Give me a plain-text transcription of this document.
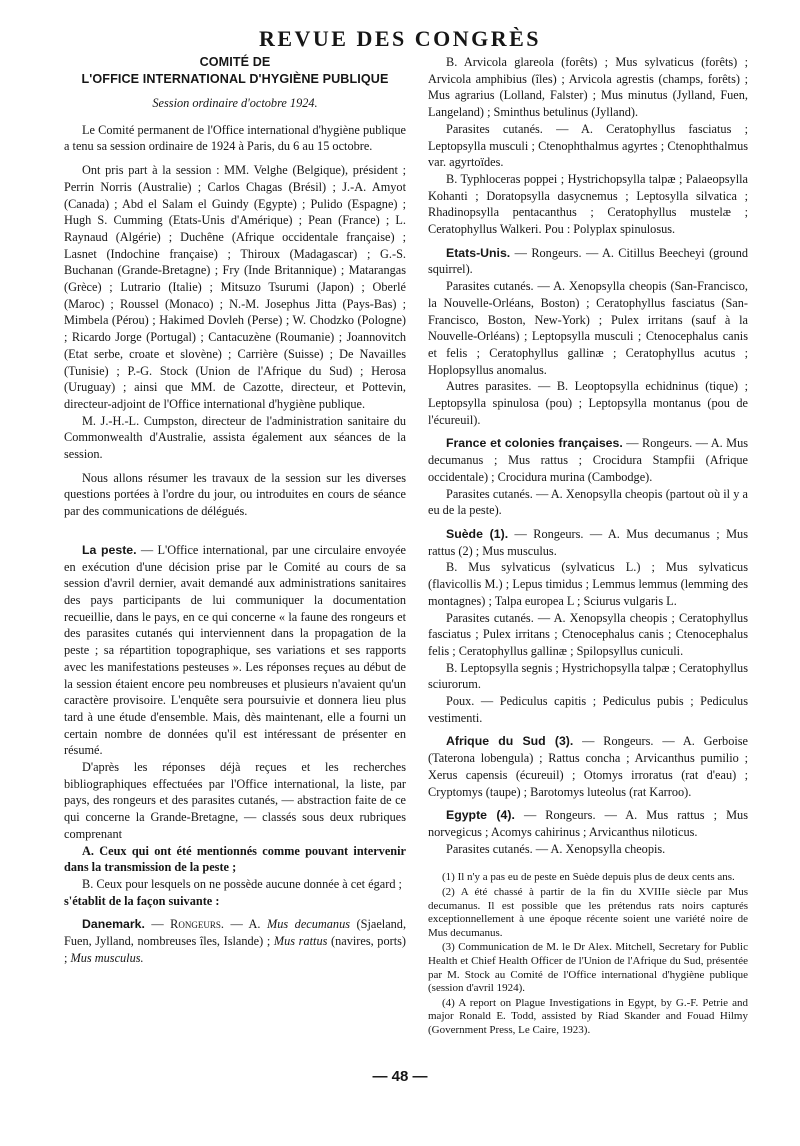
REVUE DES CONGRÈS

COMITÉ DE

L'OFFICE INTERNATIONAL D'HYGIÈNE PUBLIQUE

Session ordinaire d'octobre 1924.

Le Comité permanent de l'Office international d'hygiène publique a tenu sa session ordinaire de 1924 à Paris, du 6 au 15 octobre.

Ont pris part à la session : MM. Velghe (Belgique), président ; Perrin Norris (Australie) ; Carlos Chagas (Brésil) ; J.-A. Amyot (Canada) ; Abd el Salam el Guindy (Egypte) ; Pulido (Espagne) ; Hugh S. Cumming (Etats-Unis d'Amérique) ; Pean (France) ; L. Raynaud (Algérie) ; Duchêne (Afrique occidentale française) ; Lasnet (Indochine française) ; Thiroux (Madagascar) ; G.-S. Buchanan (Grande-Bretagne) ; Fry (Inde Britannique) ; Matarangas (Grèce) ; Lutrario (Italie) ; Mitsuzo Tsurumi (Japon) ; Oberlé (Maroc) ; Roussel (Monaco) ; N.-M. Josephus Jitta (Pays-Bas) ; Mimbela (Pérou) ; Hakimed Dovleh (Perse) ; W. Chodzko (Pologne) ; Ricardo Jorge (Portugal) ; Cantacuzène (Roumanie) ; Joannovitch (Etat serbe, croate et slovène) ; Carrière (Suisse) ; De Navailles (Tunisie) ; P.-G. Stock (Union de l'Afrique du Sud) ; Herosa (Uruguay) ; ainsi que MM. de Cazotte, directeur, et Pottevin, directeur-adjoint de l'Office international d'hygiène publique.

M. J.-H.-L. Cumpston, directeur de l'administration sanitaire du Commonwealth d'Australie, assista également aux séances de la session.

Nous allons résumer les travaux de la session sur les diverses questions portées à l'ordre du jour, ou introduites en cours de séance par des communications de délégués.

La peste. — L'Office international, par une circulaire envoyée en exécution d'une décision prise par le Comité au cours de sa session d'avril dernier, avait demandé aux administrations sanitaires des pays participants de lui communiquer la documentation recueillie, dans le pays, en ce qui concerne « la faune des rongeurs et des parasites cutanés qui interviennent dans la propagation de la peste ; sa répartition topographique, ses variations et ses rapports avec les manifestations pesteuses ». Les réponses reçues au début de la session étaient encore peu nombreuses et plusieurs n'avaient qu'un caractère provisoire. L'enquête sera poursuivie et donnera lieu plus tard à une étude d'ensemble. Mais, dès maintenant, elle a fourni un certain nombre de données qu'il est intéressant de présenter en résumé.

D'après les réponses déjà reçues et les recherches bibliographiques effectuées par l'Office international, la liste, par pays, des rongeurs et des parasites cutanés, — abstraction faite de ce qui concerne la Grande-Bretagne, — classés sous deux rubriques comprenant

A. Ceux qui ont été mentionnés comme pouvant intervenir dans la transmission de la peste ;

B. Ceux pour lesquels on ne possède aucune donnée à cet égard ;

s'établit de la façon suivante :

Danemark. — Rongeurs. — A. Mus decumanus (Sjaeland, Fuen, Jylland, nombreuses îles, Islande) ; Mus rattus (navires, ports) ; Mus musculus.

B. Arvicola glareola (forêts) ; Mus sylvaticus (forêts) ; Arvicola amphibius (îles) ; Arvicola agrestis (champs, forêts) ; Mus agrarius (Lolland, Falster) ; Mus minutus (Jylland, Fuen, Langeland) ; Sminthus betulinus (Jylland).

Parasites cutanés. — A. Ceratophyllus fasciatus ; Leptopsylla musculi ; Ctenophthalmus agyrtes ; Ctenophthalmus var. agyrtoïdes.

B. Typhloceras poppei ; Hystrichopsylla talpæ ; Palaeopsylla Kohanti ; Doratopsylla dasycnemus ; Leptosylla silvatica ; Rhadinopsylla pentacanthus ; Ceratophyllus mustelæ ; Ceratophyllus Walkeri. Pou : Polyplax spinulosus.

Etats-Unis. — Rongeurs. — A. Citillus Beecheyi (ground squirrel).

Parasites cutanés. — A. Xenopsylla cheopis (San-Francisco, la Nouvelle-Orléans, Boston) ; Ceratophyllus fasciatus (San-Francisco, Boston, New-York) ; Pulex irritans (sauf à la Nouvelle-Orléans) ; Leptopsylla musculi ; Ctenocephalus canis et felis ; Ceratophyllus gallinæ ; Ceratophyllus acutus ; Hoplopsyllus anomalus.

Autres parasites. — B. Leoptopsylla echidninus (tique) ; Leptopsylla spinulosa (pou) ; Leptopsylla montanus (pou de l'écureuil).

France et colonies françaises. — Rongeurs. — A. Mus decumanus ; Mus rattus ; Crocidura Stampfii (Afrique occidentale) ; Crocidura murina (Cambodge).

Parasites cutanés. — A. Xenopsylla cheopis (partout où il y a eu de la peste).

Suède (1). — Rongeurs. — A. Mus decumanus ; Mus rattus (2) ; Mus musculus.

B. Mus sylvaticus (sylvaticus L.) ; Mus sylvaticus (flavicollis M.) ; Lepus timidus ; Lemmus lemmus (lemming des montagnes) ; Talpa europea L ; Sciurus vulgaris L.

Parasites cutanés. — A. Xenopsylla cheopis ; Ceratophyllus fasciatus ; Pulex irritans ; Ctenocephalus canis ; Ctenocephalus felis ; Ceratophyllus gallinæ ; Spilopsyllus cuniculi.

B. Leptopsylla segnis ; Hystrichopsylla talpæ ; Ceratophyllus sciurorum.

Poux. — Pediculus capitis ; Pediculus pubis ; Pediculus vestimenti.

Afrique du Sud (3). — Rongeurs. — A. Gerboise (Taterona lobengula) ; Rattus concha ; Arvicanthus pumilio ; Xerus capensis (écureuil) ; Otomys irroratus (rat d'eau) ; Cryptomys (taupe) ; Barotomys luteolus (rat Karroo).

Egypte (4). — Rongeurs. — A. Mus rattus ; Mus norvegicus ; Acomys cahirinus ; Arvicanthus niloticus.

Parasites cutanés. — A. Xenopsylla cheopis.

(1) Il n'y a pas eu de peste en Suède depuis plus de deux cents ans.

(2) A été chassé à partir de la fin du XVIIIe siècle par Mus decumanus. Il est possible que les prétendus rats noirs capturés exceptionnellement à une époque récente soient une variété noire de Mus decumanus.

(3) Communication de M. le Dr Alex. Mitchell, Secretary for Public Health et Chief Health Officer de l'Union de l'Afrique du Sud, présentée par M. Stock au Comité de l'Office international d'hygiène publique (session d'avril 1924).

(4) A report on Plague Investigations in Egypt, by G.-F. Petrie and major Ronald E. Todd, assisted by Riad Skander and Fouad Hilmy (Government Press, Le Caire, 1923).

— 48 —
